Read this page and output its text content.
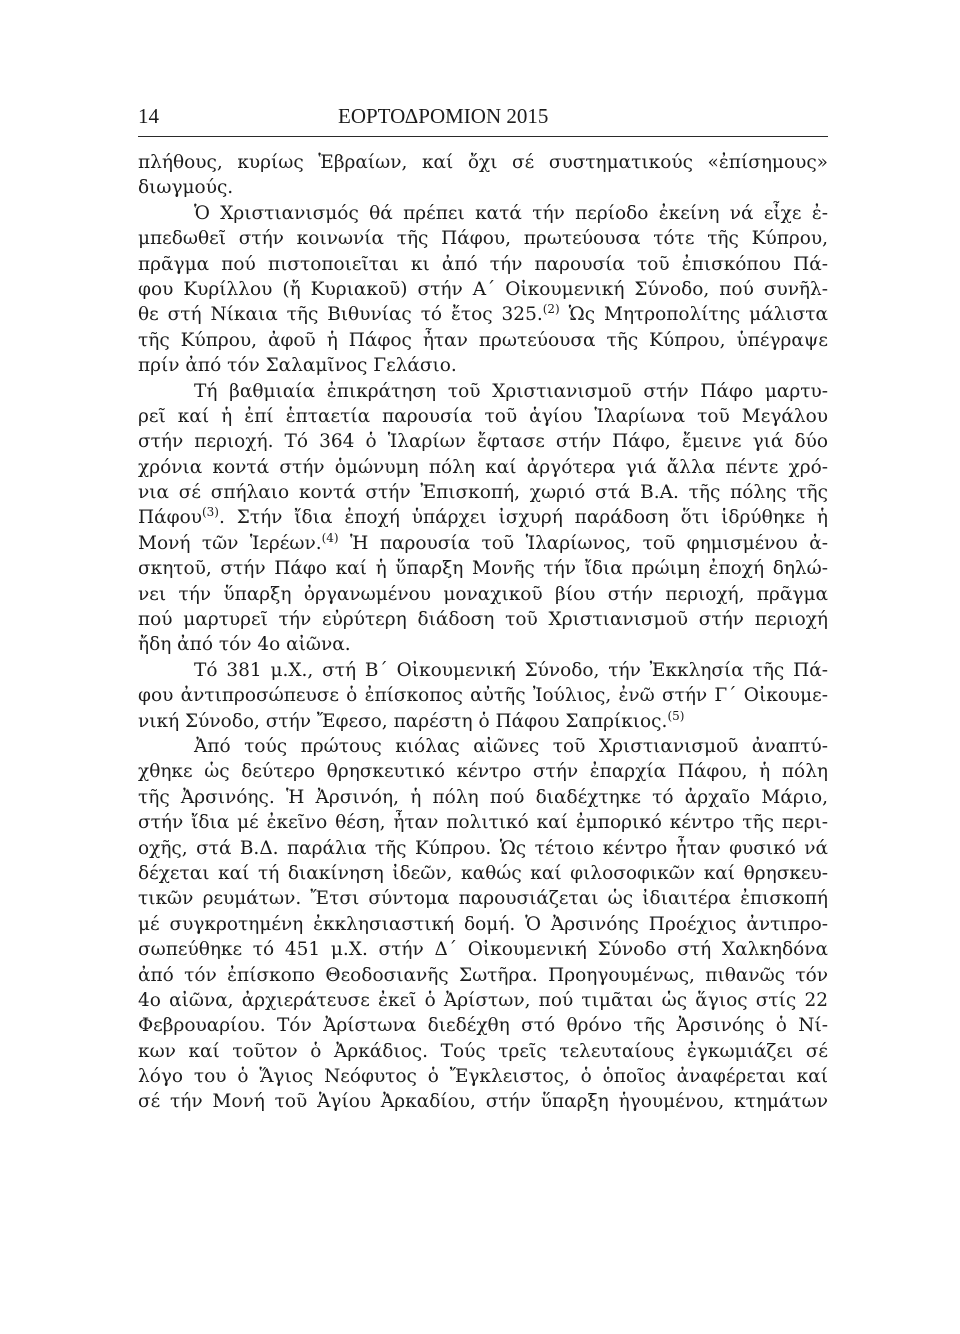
14	ΕΟΡΤΟΔΡΟΜΙΟΝ 2015
πλήθους, κυρίως Ἑβραίων, καί ὄχι σέ συστηματικούς «ἐπίσημους»
διωγμούς.
Ὁ Χριστιανισμός θά πρέπει κατά τήν περίοδο ἐκείνη νά εἶχε ἐ-
μπεδωθεῖ στήν κοινωνία τῆς Πάφου, πρωτεύουσα τότε τῆς Κύπρου,
πρᾶγμα πού πιστοποιεῖται κι ἀπό τήν παρουσία τοῦ ἐπισκόπου Πά-
φου Κυρίλλου (ἤ Κυριακοῦ) στήν Α΄ Οἰκουμενική Σύνοδο, πού συνῆλ-
θε στή Νίκαια τῆς Βιθυνίας τό ἔτος 325.$^{(2)}$ Ὡς Μητροπολίτης μάλιστα
τῆς Κύπρου, ἀφοῦ ἡ Πάφος ἦταν πρωτεύουσα τῆς Κύπρου, ὑπέγραψε
πρίν ἀπό τόν Σαλαμῖνος Γελάσιο.
Τή βαθμιαία ἐπικράτηση τοῦ Χριστιανισμοῦ στήν Πάφο μαρτυ-
ρεῖ καί ἡ ἐπί ἑπταετία παρουσία τοῦ ἁγίου Ἱλαρίωνα τοῦ Μεγάλου
στήν περιοχή. Τό 364 ὁ Ἱλαρίων ἔφτασε στήν Πάφο, ἔμεινε γιά δύο
χρόνια κοντά στήν ὁμώνυμη πόλη καί ἀργότερα γιά ἄλλα πέντε χρό-
νια σέ σπήλαιο κοντά στήν Ἐπισκοπή, χωριό στά Β.Α. τῆς πόλης τῆς
Πάφου$^{(3)}$. Στήν ἴδια ἐποχή ὑπάρχει ἰσχυρή παράδοση ὅτι ἱδρύθηκε ἡ
Μονή τῶν Ἱερέων.$^{(4)}$ Ἡ παρουσία τοῦ Ἱλαρίωνος, τοῦ φημισμένου ἀ-
σκητοῦ, στήν Πάφο καί ἡ ὕπαρξη Μονῆς τήν ἴδια πρώιμη ἐποχή δηλώ-
νει τήν ὕπαρξη ὀργανωμένου μοναχικοῦ βίου στήν περιοχή, πρᾶγμα
πού μαρτυρεῖ τήν εὐρύτερη διάδοση τοῦ Χριστιανισμοῦ στήν περιοχή
ἤδη ἀπό τόν 4ο αἰῶνα.
Τό 381 μ.Χ., στή Β΄ Οἰκουμενική Σύνοδο, τήν Ἐκκλησία τῆς Πά-
φου ἀντιπροσώπευσε ὁ ἐπίσκοπος αὐτῆς Ἰούλιος, ἐνῶ στήν Γ΄ Οἰκουμε-
νική Σύνοδο, στήν Ἔφεσο, παρέστη ὁ Πάφου Σαπρίκιος.$^{(5)}$
Ἀπό τούς πρώτους κιόλας αἰῶνες τοῦ Χριστιανισμοῦ ἀναπτύ-
χθηκε ὡς δεύτερο θρησκευτικό κέντρο στήν ἐπαρχία Πάφου, ἡ πόλη
τῆς Ἀρσινόης. Ἡ Ἀρσινόη, ἡ πόλη πού διαδέχτηκε τό ἀρχαῖο Μάριο,
στήν ἴδια μέ ἐκεῖνο θέση, ἦταν πολιτικό καί ἐμπορικό κέντρο τῆς περι-
οχῆς, στά Β.Δ. παράλια τῆς Κύπρου. Ὡς τέτοιο κέντρο ἦταν φυσικό νά
δέχεται καί τή διακίνηση ἰδεῶν, καθώς καί φιλοσοφικῶν καί θρησκευ-
τικῶν ρευμάτων. Ἔτσι σύντομα παρουσιάζεται ὡς ἰδιαιτέρα ἐπισκοπή
μέ συγκροτημένη ἐκκλησιαστική δομή. Ὁ Ἀρσινόης Προέχιος ἀντιπρο-
σωπεύθηκε τό 451 μ.Χ. στήν Δ΄ Οἰκουμενική Σύνοδο στή Χαλκηδόνα
ἀπό τόν ἐπίσκοπο Θεοδοσιανῆς Σωτῆρα. Προηγουμένως, πιθανῶς τόν
4ο αἰῶνα, ἀρχιεράτευσε ἐκεῖ ὁ Ἀρίστων, πού τιμᾶται ὡς ἅγιος στίς 22
Φεβρουαρίου. Τόν Ἀρίστωνα διεδέχθη στό θρόνο τῆς Ἀρσινόης ὁ Νί-
κων καί τοῦτον ὁ Ἀρκάδιος. Τούς τρεῖς τελευταίους ἐγκωμιάζει σέ
λόγο του ὁ Ἅγιος Νεόφυτος ὁ Ἔγκλειστος, ὁ ὁποῖος ἀναφέρεται καί
σέ τήν Μονή τοῦ Ἁγίου Ἀρκαδίου, στήν ὕπαρξη ἡγουμένου, κτημάτων
